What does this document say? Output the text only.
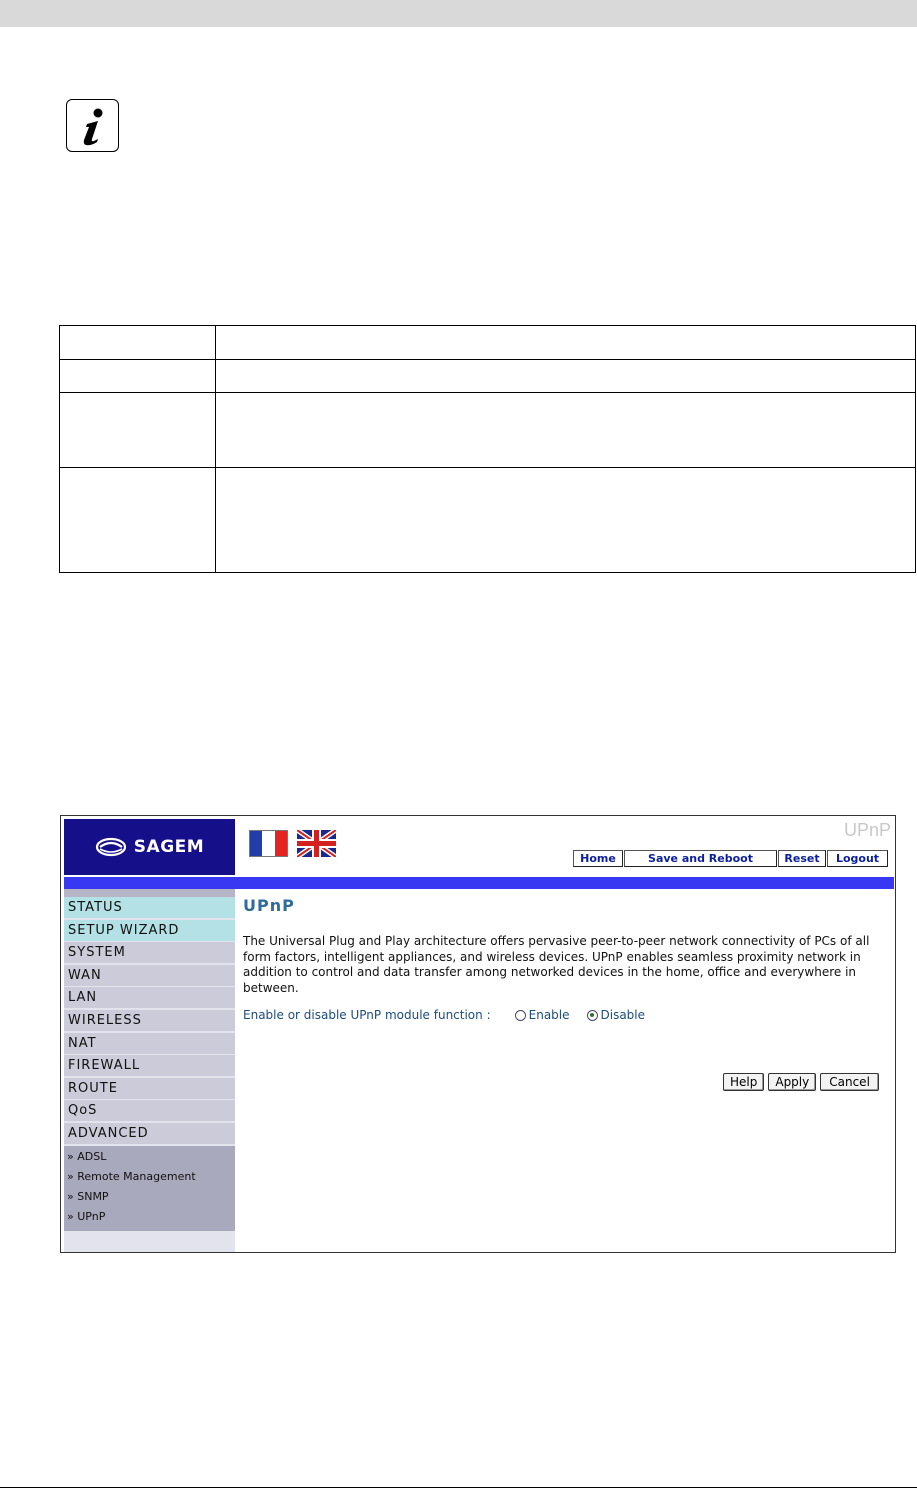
SAGEM
UPnP
Home	Save and Reboot	Reset	Logout
STATUS
SETUP WIZARD
SYSTEM
WAN
LAN
WIRELESS
NAT
FIREWALL
ROUTE
QoS
ADVANCED
» ADSL
» Remote Management
» SNMP
» UPnP
UPnP
The Universal Plug and Play architecture offers pervasive peer-to-peer network connectivity of PCs of all form factors, intelligent appliances, and wireless devices. UPnP enables seamless proximity network in addition to control and data transfer among networked devices in the home, office and everywhere in between.
Enable or disable UPnP module function :	Enable	Disable
Help	Apply	Cancel
